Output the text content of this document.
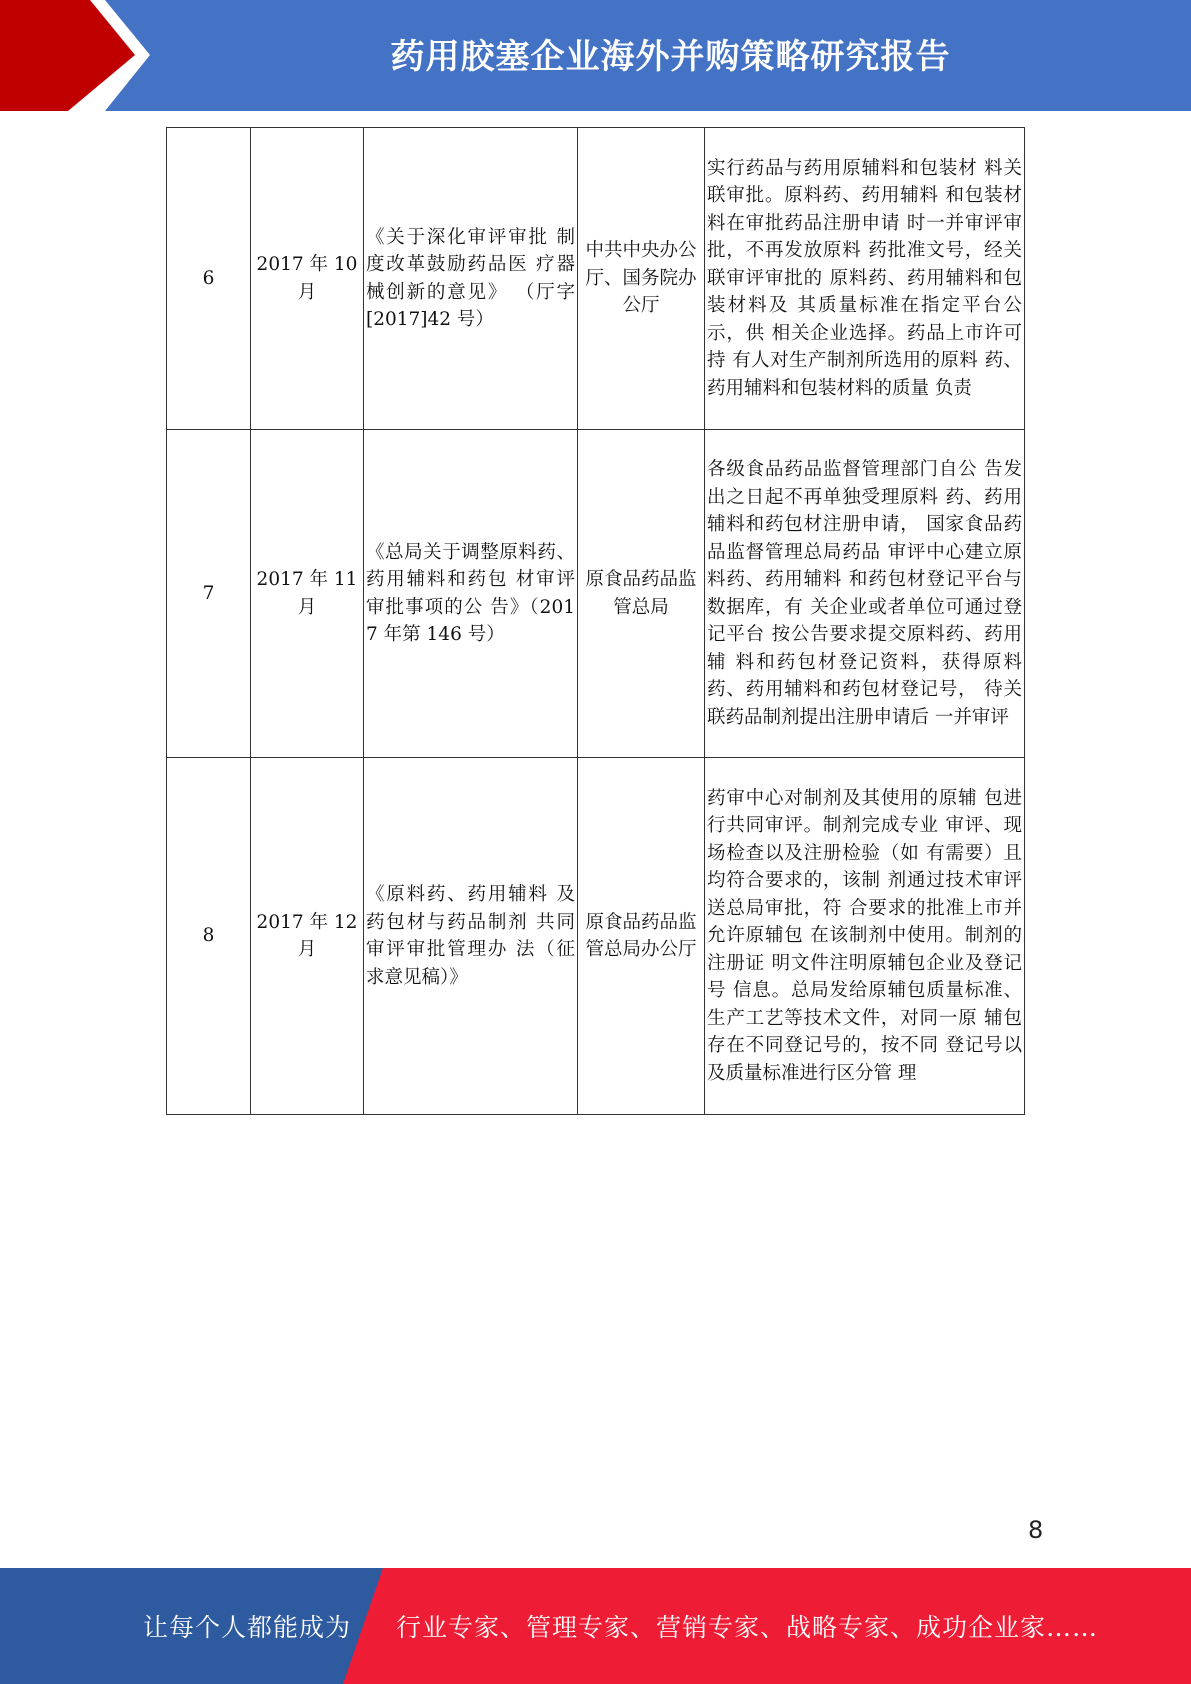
药用胶塞企业海外并购策略研究报告
6	2017 年 10 月	《关于深化审评审批 制度改革鼓励药品医 疗器械创新的意见》 （厅字[2017]42 号）	中共中央办公厅、国务院办公厅	实行药品与药用原辅料和包装材 料关联审批。原料药、药用辅料 和包装材料在审批药品注册申请 时一并审评审批，不再发放原料 药批准文号，经关联审评审批的 原料药、药用辅料和包装材料及 其质量标准在指定平台公示，供 相关企业选择。药品上市许可持 有人对生产制剂所选用的原料 药、药用辅料和包装材料的质量 负责
7	2017 年 11 月	《总局关于调整原料药、药用辅料和药包 材审评审批事项的公 告》（2017 年第 146 号）	原食品药品监管总局	各级食品药品监督管理部门自公 告发出之日起不再单独受理原料 药、药用辅料和药包材注册申请， 国家食品药品监督管理总局药品 审评中心建立原料药、药用辅料 和药包材登记平台与数据库，有 关企业或者单位可通过登记平台 按公告要求提交原料药、药用辅 料和药包材登记资料，获得原料 药、药用辅料和药包材登记号， 待关联药品制剂提出注册申请后 一并审评
8	2017 年 12 月	《原料药、药用辅料 及药包材与药品制剂 共同审评审批管理办 法（征求意见稿）》	原食品药品监管总局办公厅	药审中心对制剂及其使用的原辅 包进行共同审评。制剂完成专业 审评、现场检查以及注册检验（如 有需要）且均符合要求的，该制 剂通过技术审评送总局审批，符 合要求的批准上市并允许原辅包 在该制剂中使用。制剂的注册证 明文件注明原辅包企业及登记号 信息。总局发给原辅包质量标准、 生产工艺等技术文件，对同一原 辅包存在不同登记号的，按不同 登记号以及质量标准进行区分管 理
8
让每个人都能成为 行业专家、管理专家、营销专家、战略专家、成功企业家……
